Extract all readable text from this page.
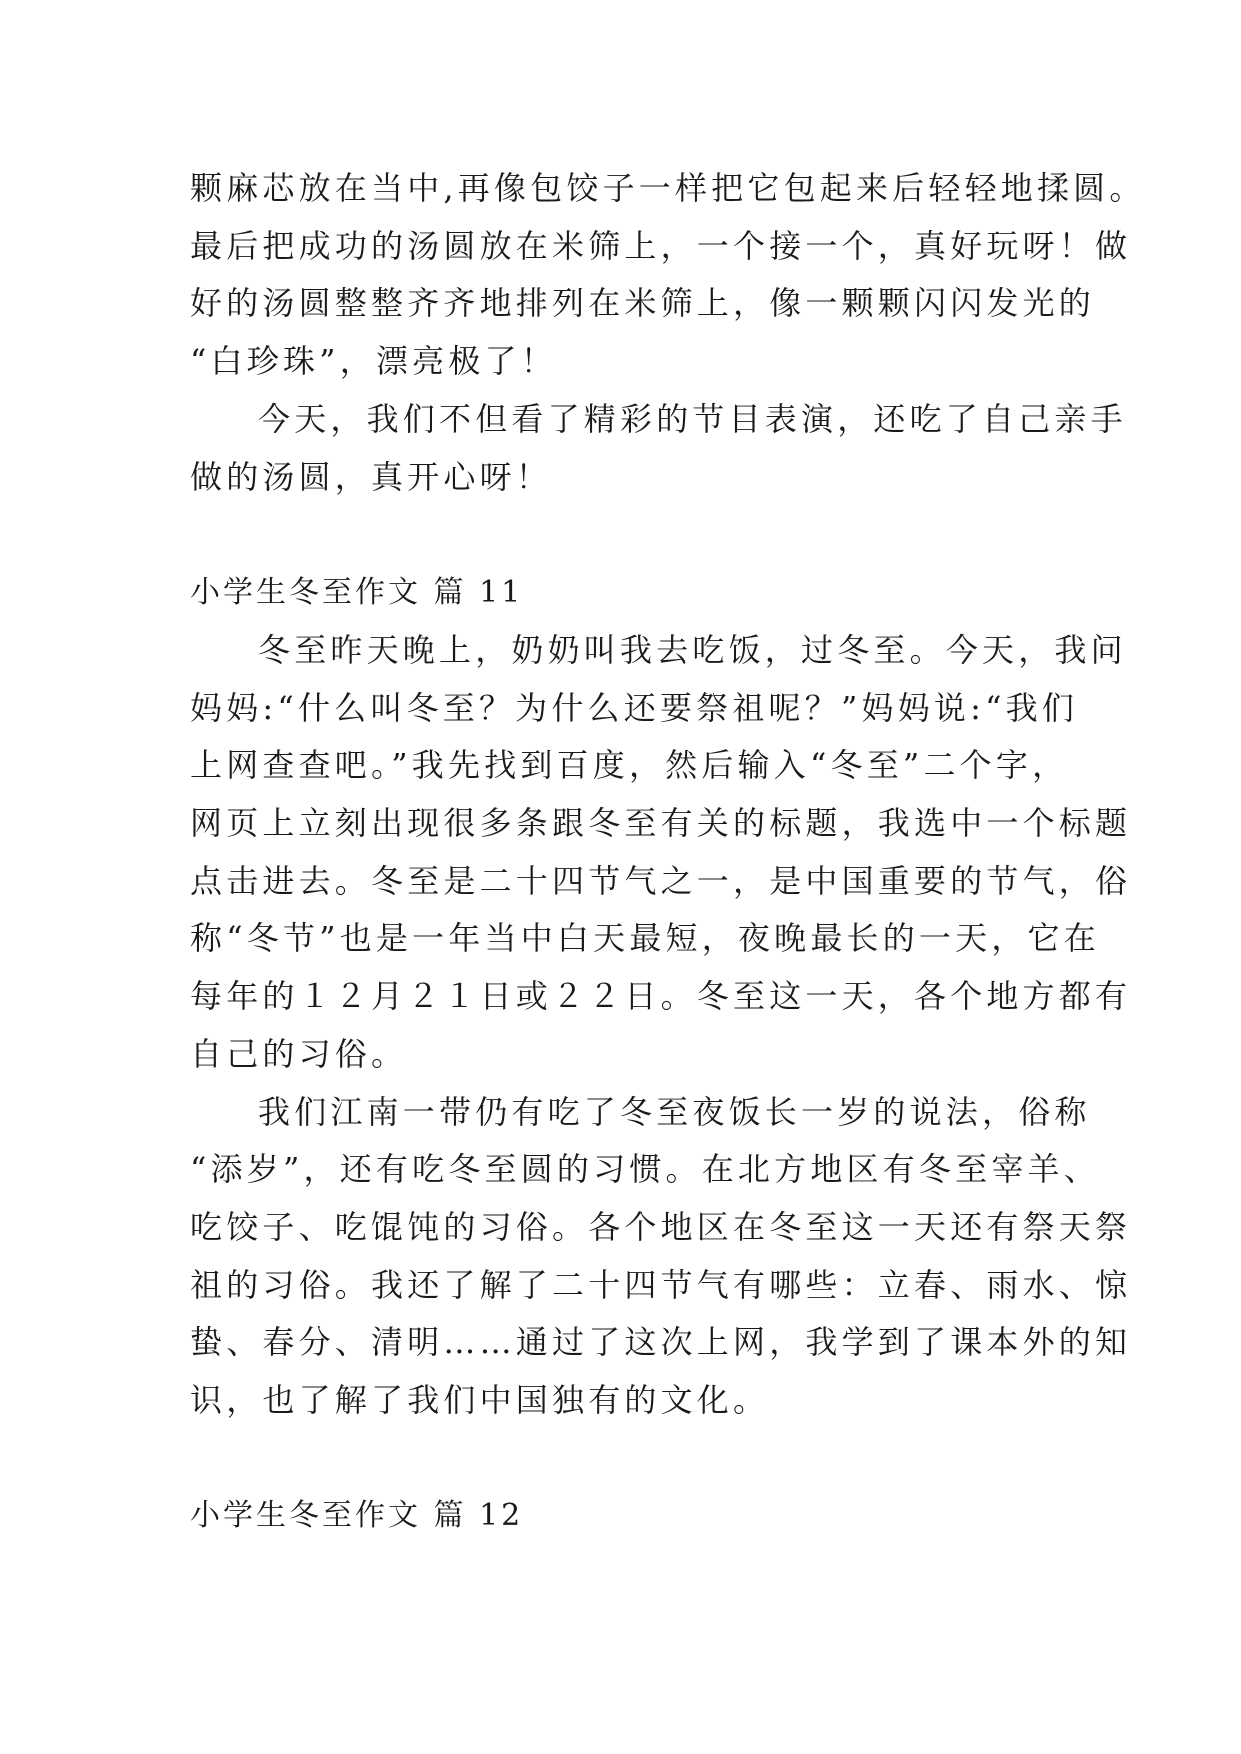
颗麻芯放在当中,再像包饺子一样把它包起来后轻轻地揉圆。

最后把成功的汤圆放在米筛上，一个接一个，真好玩呀！做

好的汤圆整整齐齐地排列在米筛上，像一颗颗闪闪发光的

“白珍珠”，漂亮极了！

今天，我们不但看了精彩的节目表演，还吃了自己亲手

做的汤圆，真开心呀！

小学生冬至作文 篇 11

冬至昨天晚上，奶奶叫我去吃饭，过冬至。今天，我问

妈妈:“什么叫冬至？为什么还要祭祖呢？”妈妈说:“我们

上网查查吧。”我先找到百度，然后输入“冬至”二个字，

网页上立刻出现很多条跟冬至有关的标题，我选中一个标题

点击进去。冬至是二十四节气之一，是中国重要的节气，俗

称“冬节”也是一年当中白天最短，夜晚最长的一天，它在

每年的１２月２１日或２２日。冬至这一天，各个地方都有

自己的习俗。

我们江南一带仍有吃了冬至夜饭长一岁的说法，俗称

“添岁”，还有吃冬至圆的习惯。在北方地区有冬至宰羊、

吃饺子、吃馄饨的习俗。各个地区在冬至这一天还有祭天祭

祖的习俗。我还了解了二十四节气有哪些：立春、雨水、惊

蛰、春分、清明……通过了这次上网，我学到了课本外的知

识，也了解了我们中国独有的文化。

小学生冬至作文 篇 12
